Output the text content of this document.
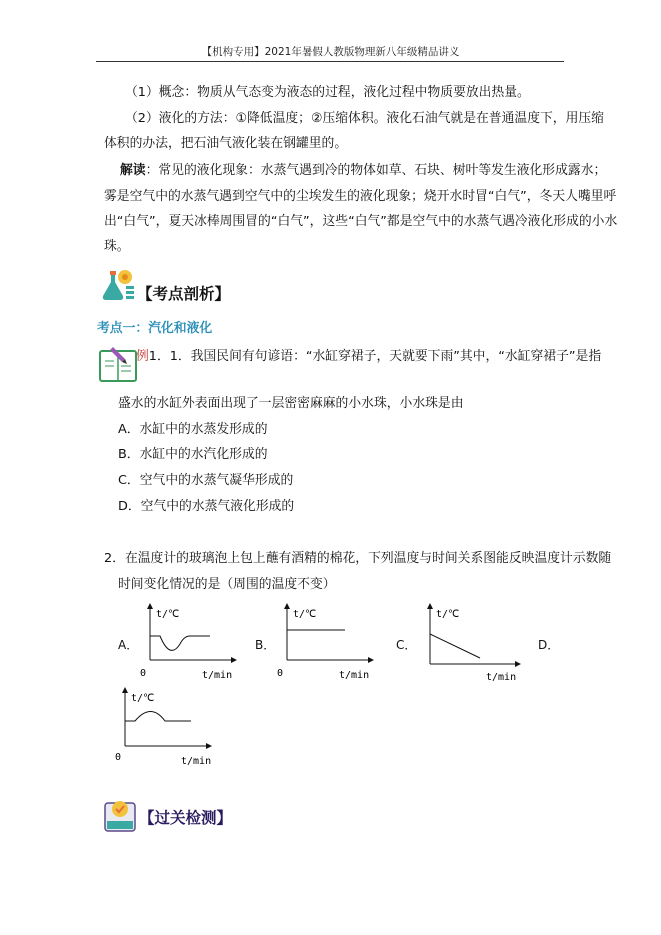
【机构专用】2021年暑假人教版物理新八年级精品讲义
（1）概念：物质从气态变为液态的过程，液化过程中物质要放出热量。
（2）液化的方法：①降低温度；②压缩体积。液化石油气就是在普通温度下，用压缩
体积的办法，把石油气液化装在钢罐里的。
解读：常见的液化现象：水蒸气遇到冷的物体如草、石块、树叶等发生液化形成露水；
雾是空气中的水蒸气遇到空气中的尘埃发生的液化现象；烧开水时冒“白气”，冬天人嘴里呼
出“白气”，夏天冰棒周围冒的“白气”，这些“白气”都是空气中的水蒸气遇冷液化形成的小水
珠。
【考点剖析】
考点一：汽化和液化
例1．1．我国民间有句谚语：“水缸穿裙子，天就要下雨”其中，“水缸穿裙子”是指
盛水的水缸外表面出现了一层密密麻麻的小水珠，小水珠是由
A．水缸中的水蒸发形成的
B．水缸中的水汽化形成的
C．空气中的水蒸气凝华形成的
D．空气中的水蒸气液化形成的
2．在温度计的玻璃泡上包上蘸有酒精的棉花，下列温度与时间关系图能反映温度计示数随
时间变化情况的是（周围的温度不变）
A．	B．	C．	D．
t/℃
0	t/min
t/℃
0	t/min
t/℃
t/min
t/℃
0	t/min
【过关检测】
